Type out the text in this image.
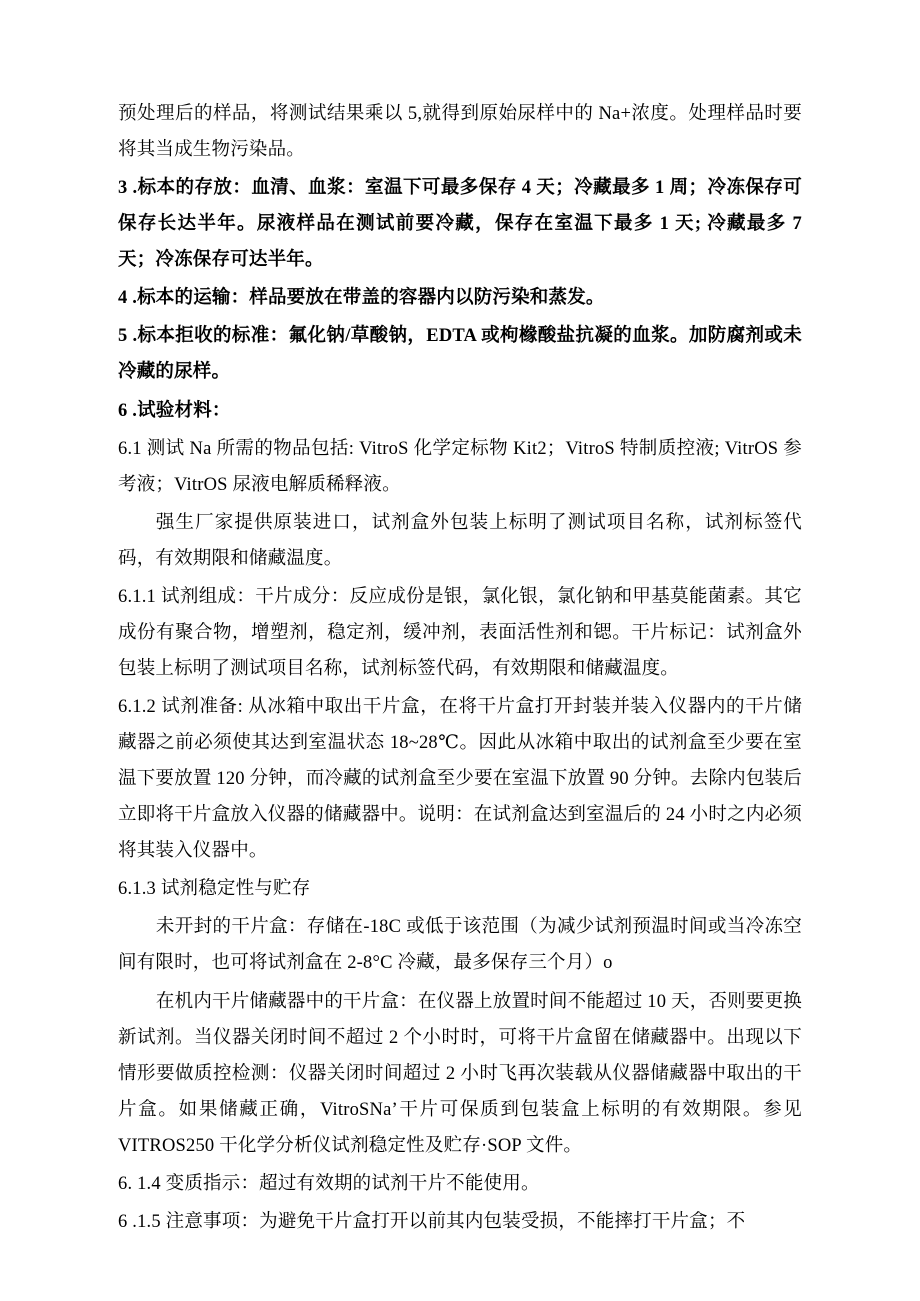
预处理后的样品，将测试结果乘以 5,就得到原始尿样中的 Na+浓度。处理样品时要将其当成生物污染品。

3 .标本的存放：血清、血浆：室温下可最多保存 4 天；冷藏最多 1 周；冷冻保存可保存长达半年。尿液样品在测试前要冷藏，保存在室温下最多 1 天; 冷藏最多 7 天；冷冻保存可达半年。

4 .标本的运输：样品要放在带盖的容器内以防污染和蒸发。

5 .标本拒收的标准：氟化钠/草酸钠，EDTA 或枸橼酸盐抗凝的血浆。加防腐剂或未冷藏的尿样。

6 .试验材料：

6.1 测试 Na 所需的物品包括: VitroS 化学定标物 Kit2；VitroS 特制质控液; VitrOS 参考液；VitrOS 尿液电解质稀释液。

强生厂家提供原装进口，试剂盒外包装上标明了测试项目名称，试剂标签代码，有效期限和储藏温度。

6.1.1 试剂组成：干片成分：反应成份是银，氯化银，氯化钠和甲基莫能菌素。其它成份有聚合物，增塑剂，稳定剂，缓冲剂，表面活性剂和锶。干片标记：试剂盒外包装上标明了测试项目名称，试剂标签代码，有效期限和储藏温度。

6.1.2 试剂准备: 从冰箱中取出干片盒，在将干片盒打开封装并装入仪器内的干片储藏器之前必须使其达到室温状态 18~28℃。因此从冰箱中取出的试剂盒至少要在室温下要放置 120 分钟，而冷藏的试剂盒至少要在室温下放置 90 分钟。去除内包装后立即将干片盒放入仪器的储藏器中。说明：在试剂盒达到室温后的 24 小时之内必须将其装入仪器中。

6.1.3 试剂稳定性与贮存

未开封的干片盒：存储在-18C 或低于该范围（为减少试剂预温时间或当冷冻空间有限时，也可将试剂盒在 2-8°C 冷藏，最多保存三个月）o

在机内干片储藏器中的干片盒：在仪器上放置时间不能超过 10 天，否则要更换新试剂。当仪器关闭时间不超过 2 个小时时，可将干片盒留在储藏器中。出现以下情形要做质控检测：仪器关闭时间超过 2 小时飞再次装载从仪器储藏器中取出的干片盒。如果储藏正确，VitroSNa’干片可保质到包装盒上标明的有效期限。参见 VITROS250 干化学分析仪试剂稳定性及贮存·SOP 文件。

6. 1.4 变质指示：超过有效期的试剂干片不能使用。

6 .1.5 注意事项：为避免干片盒打开以前其内包装受损，不能摔打干片盒；不
